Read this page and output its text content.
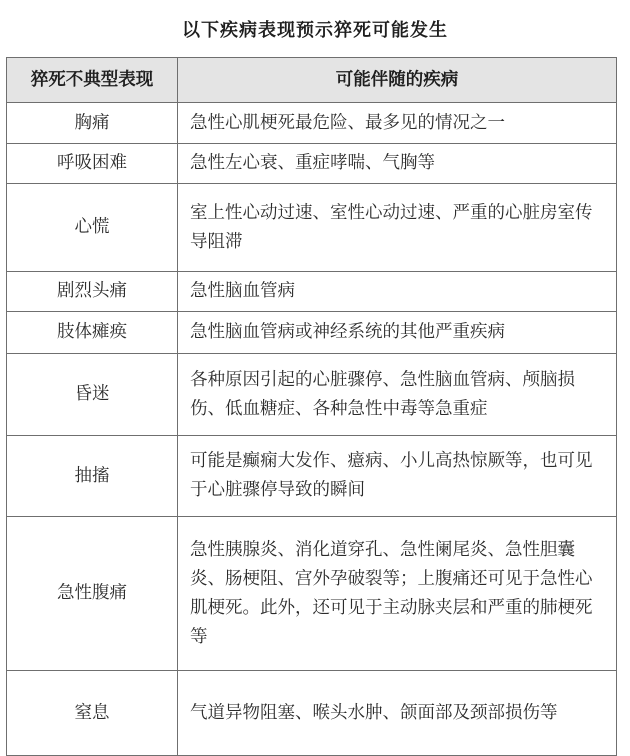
以下疾病表现预示猝死可能发生
猝死不典型表现	可能伴随的疾病
胸痛	急性心肌梗死最危险、最多见的情况之一
呼吸困难	急性左心衰、重症哮喘、气胸等
心慌	室上性心动过速、室性心动过速、严重的心脏房室传导阻滞
剧烈头痛	急性脑血管病
肢体瘫痪	急性脑血管病或神经系统的其他严重疾病
昏迷	各种原因引起的心脏骤停、急性脑血管病、颅脑损伤、低血糖症、各种急性中毒等急重症
抽搐	可能是癫痫大发作、癔病、小儿高热惊厥等，也可见于心脏骤停导致的瞬间
急性腹痛	急性胰腺炎、消化道穿孔、急性阑尾炎、急性胆囊炎、肠梗阻、宫外孕破裂等；上腹痛还可见于急性心肌梗死。此外，还可见于主动脉夹层和严重的肺梗死等
窒息	气道异物阻塞、喉头水肿、颌面部及颈部损伤等
